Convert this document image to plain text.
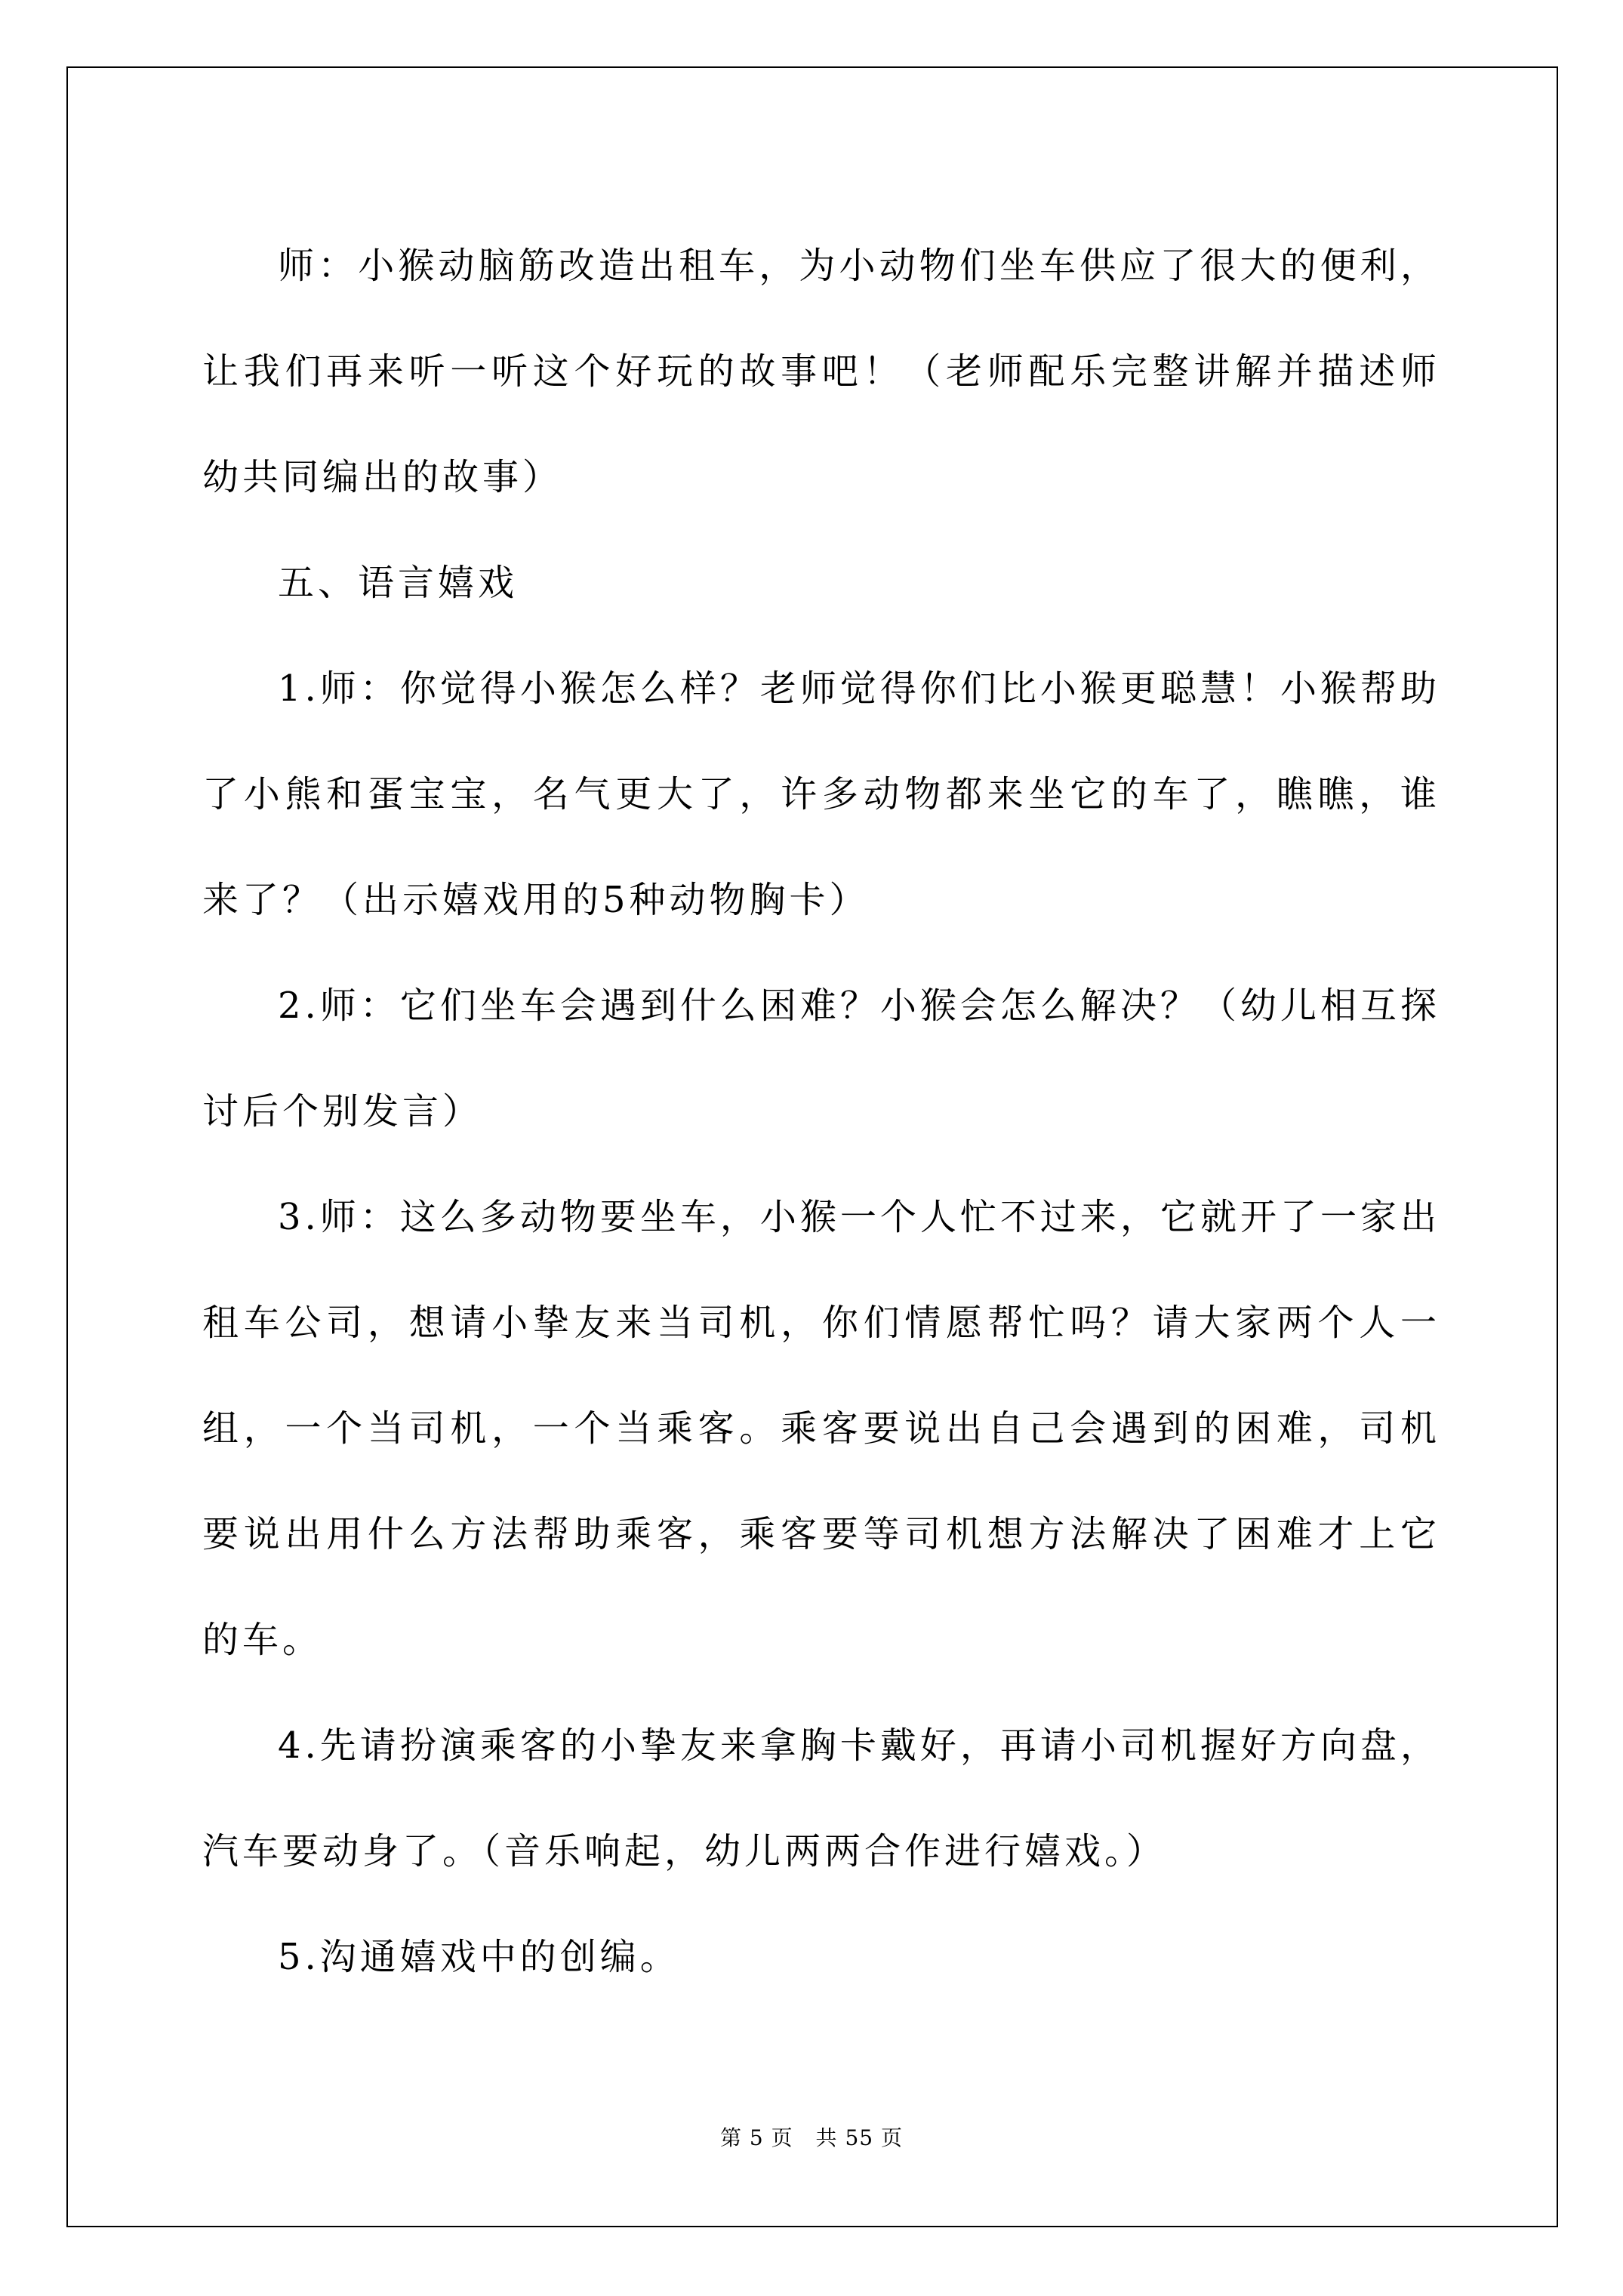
师：小猴动脑筋改造出租车，为小动物们坐车供应了很大的便利，让我们再来听一听这个好玩的故事吧！（老师配乐完整讲解并描述师幼共同编出的故事）

五、语言嬉戏

1.师：你觉得小猴怎么样？老师觉得你们比小猴更聪慧！小猴帮助了小熊和蛋宝宝，名气更大了，许多动物都来坐它的车了，瞧瞧，谁来了？（出示嬉戏用的5种动物胸卡）

2.师：它们坐车会遇到什么困难？小猴会怎么解决？（幼儿相互探讨后个别发言）

3.师：这么多动物要坐车，小猴一个人忙不过来，它就开了一家出租车公司，想请小挚友来当司机，你们情愿帮忙吗？请大家两个人一组，一个当司机，一个当乘客。乘客要说出自己会遇到的困难，司机要说出用什么方法帮助乘客，乘客要等司机想方法解决了困难才上它的车。

4.先请扮演乘客的小挚友来拿胸卡戴好，再请小司机握好方向盘，汽车要动身了。（音乐响起，幼儿两两合作进行嬉戏。）

5.沟通嬉戏中的创编。

第 5 页 共 55 页
